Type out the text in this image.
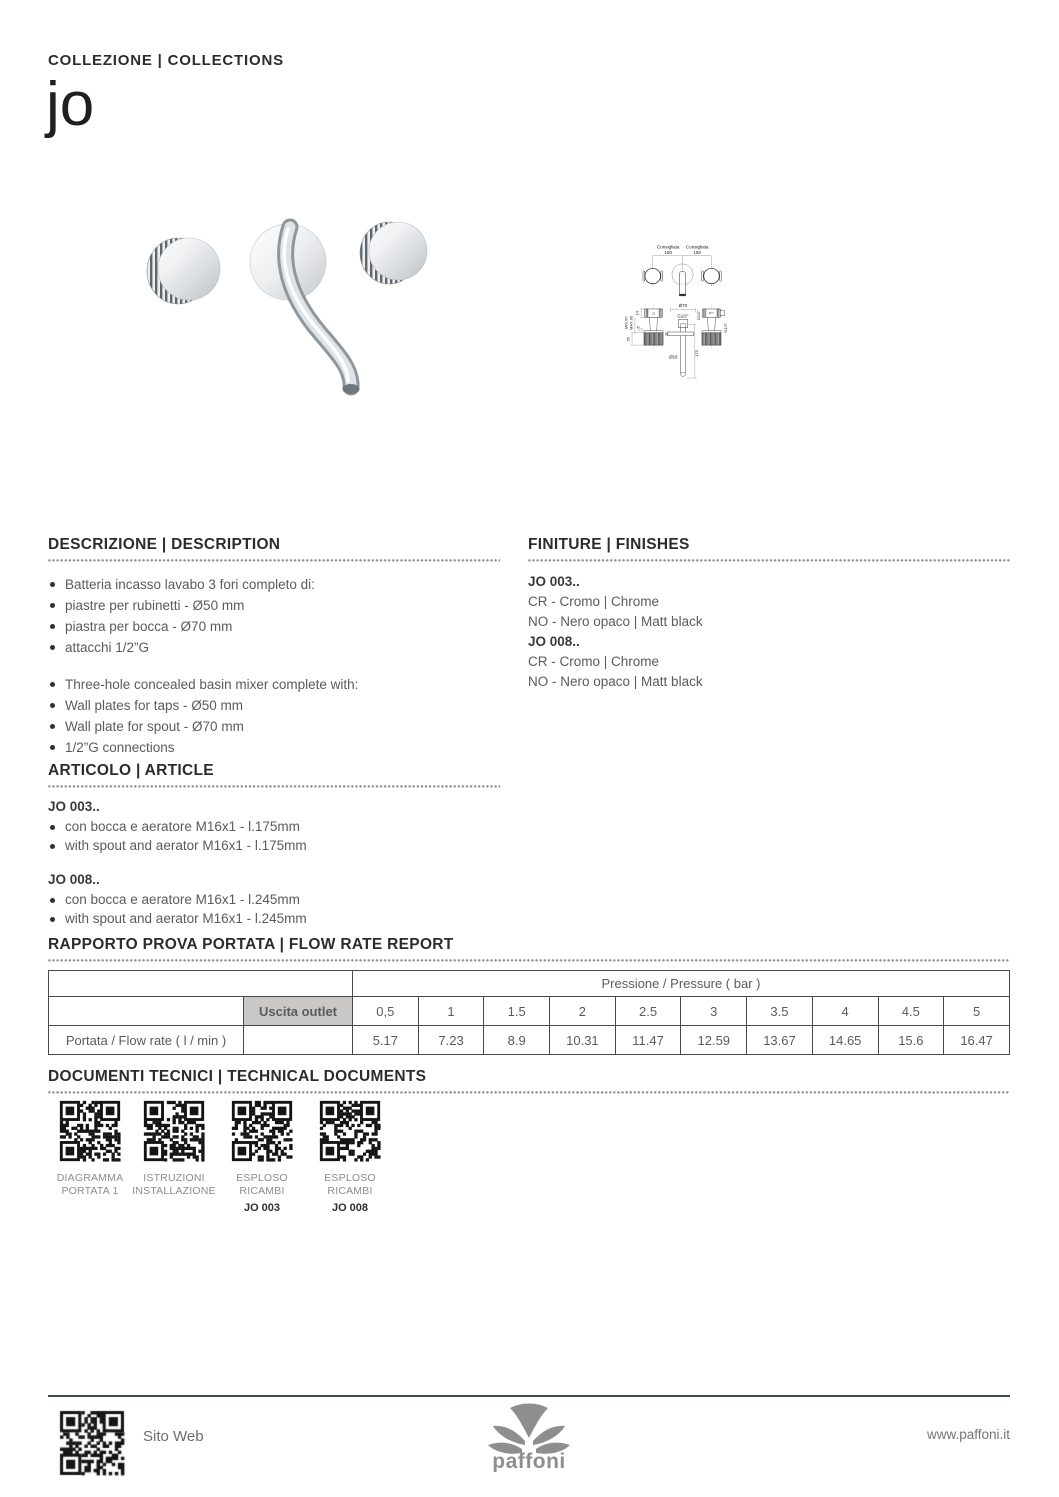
COLLEZIONE | COLLECTIONS
jo
Consigliata
150
Consigliata
150
12
14
MIN.60 MAX.90 5
35
Ø70
G1/2"
9
Ø18
175
G1/2"
G1/2"
DESCRIZIONE | DESCRIPTION
Batteria incasso lavabo 3 fori completo di:
piastre per rubinetti - Ø50 mm
piastra per bocca - Ø70 mm
attacchi 1/2”G
Three-hole concealed basin mixer complete with:
Wall plates for taps - Ø50 mm
Wall plate for spout - Ø70 mm
1/2”G connections
FINITURE | FINISHES
JO 003..
CR - Cromo | Chrome
NO - Nero opaco | Matt black
JO 008..
CR - Cromo | Chrome
NO - Nero opaco | Matt black
ARTICOLO | ARTICLE
JO 003..
con bocca e aeratore M16x1 - l.175mm
with spout and aerator M16x1 - l.175mm
JO 008..
con bocca e aeratore M16x1 - l.245mm
with spout and aerator M16x1 - l.245mm
RAPPORTO PROVA PORTATA | FLOW RATE REPORT
		Pressione / Pressure ( bar )									
	Uscita outlet	0,5	1	1.5	2	2.5	3	3.5	4	4.5	5
Portata / Flow rate ( l / min )		5.17	7.23	8.9	10.31	11.47	12.59	13.67	14.65	15.6	16.47
DOCUMENTI TECNICI | TECHNICAL DOCUMENTS
DIAGRAMMA
PORTATA 1
ISTRUZIONI
INSTALLAZIONE
ESPLOSO
RICAMBI
JO 003
ESPLOSO
RICAMBI
JO 008
Sito Web
paffoni
www.paffoni.it
